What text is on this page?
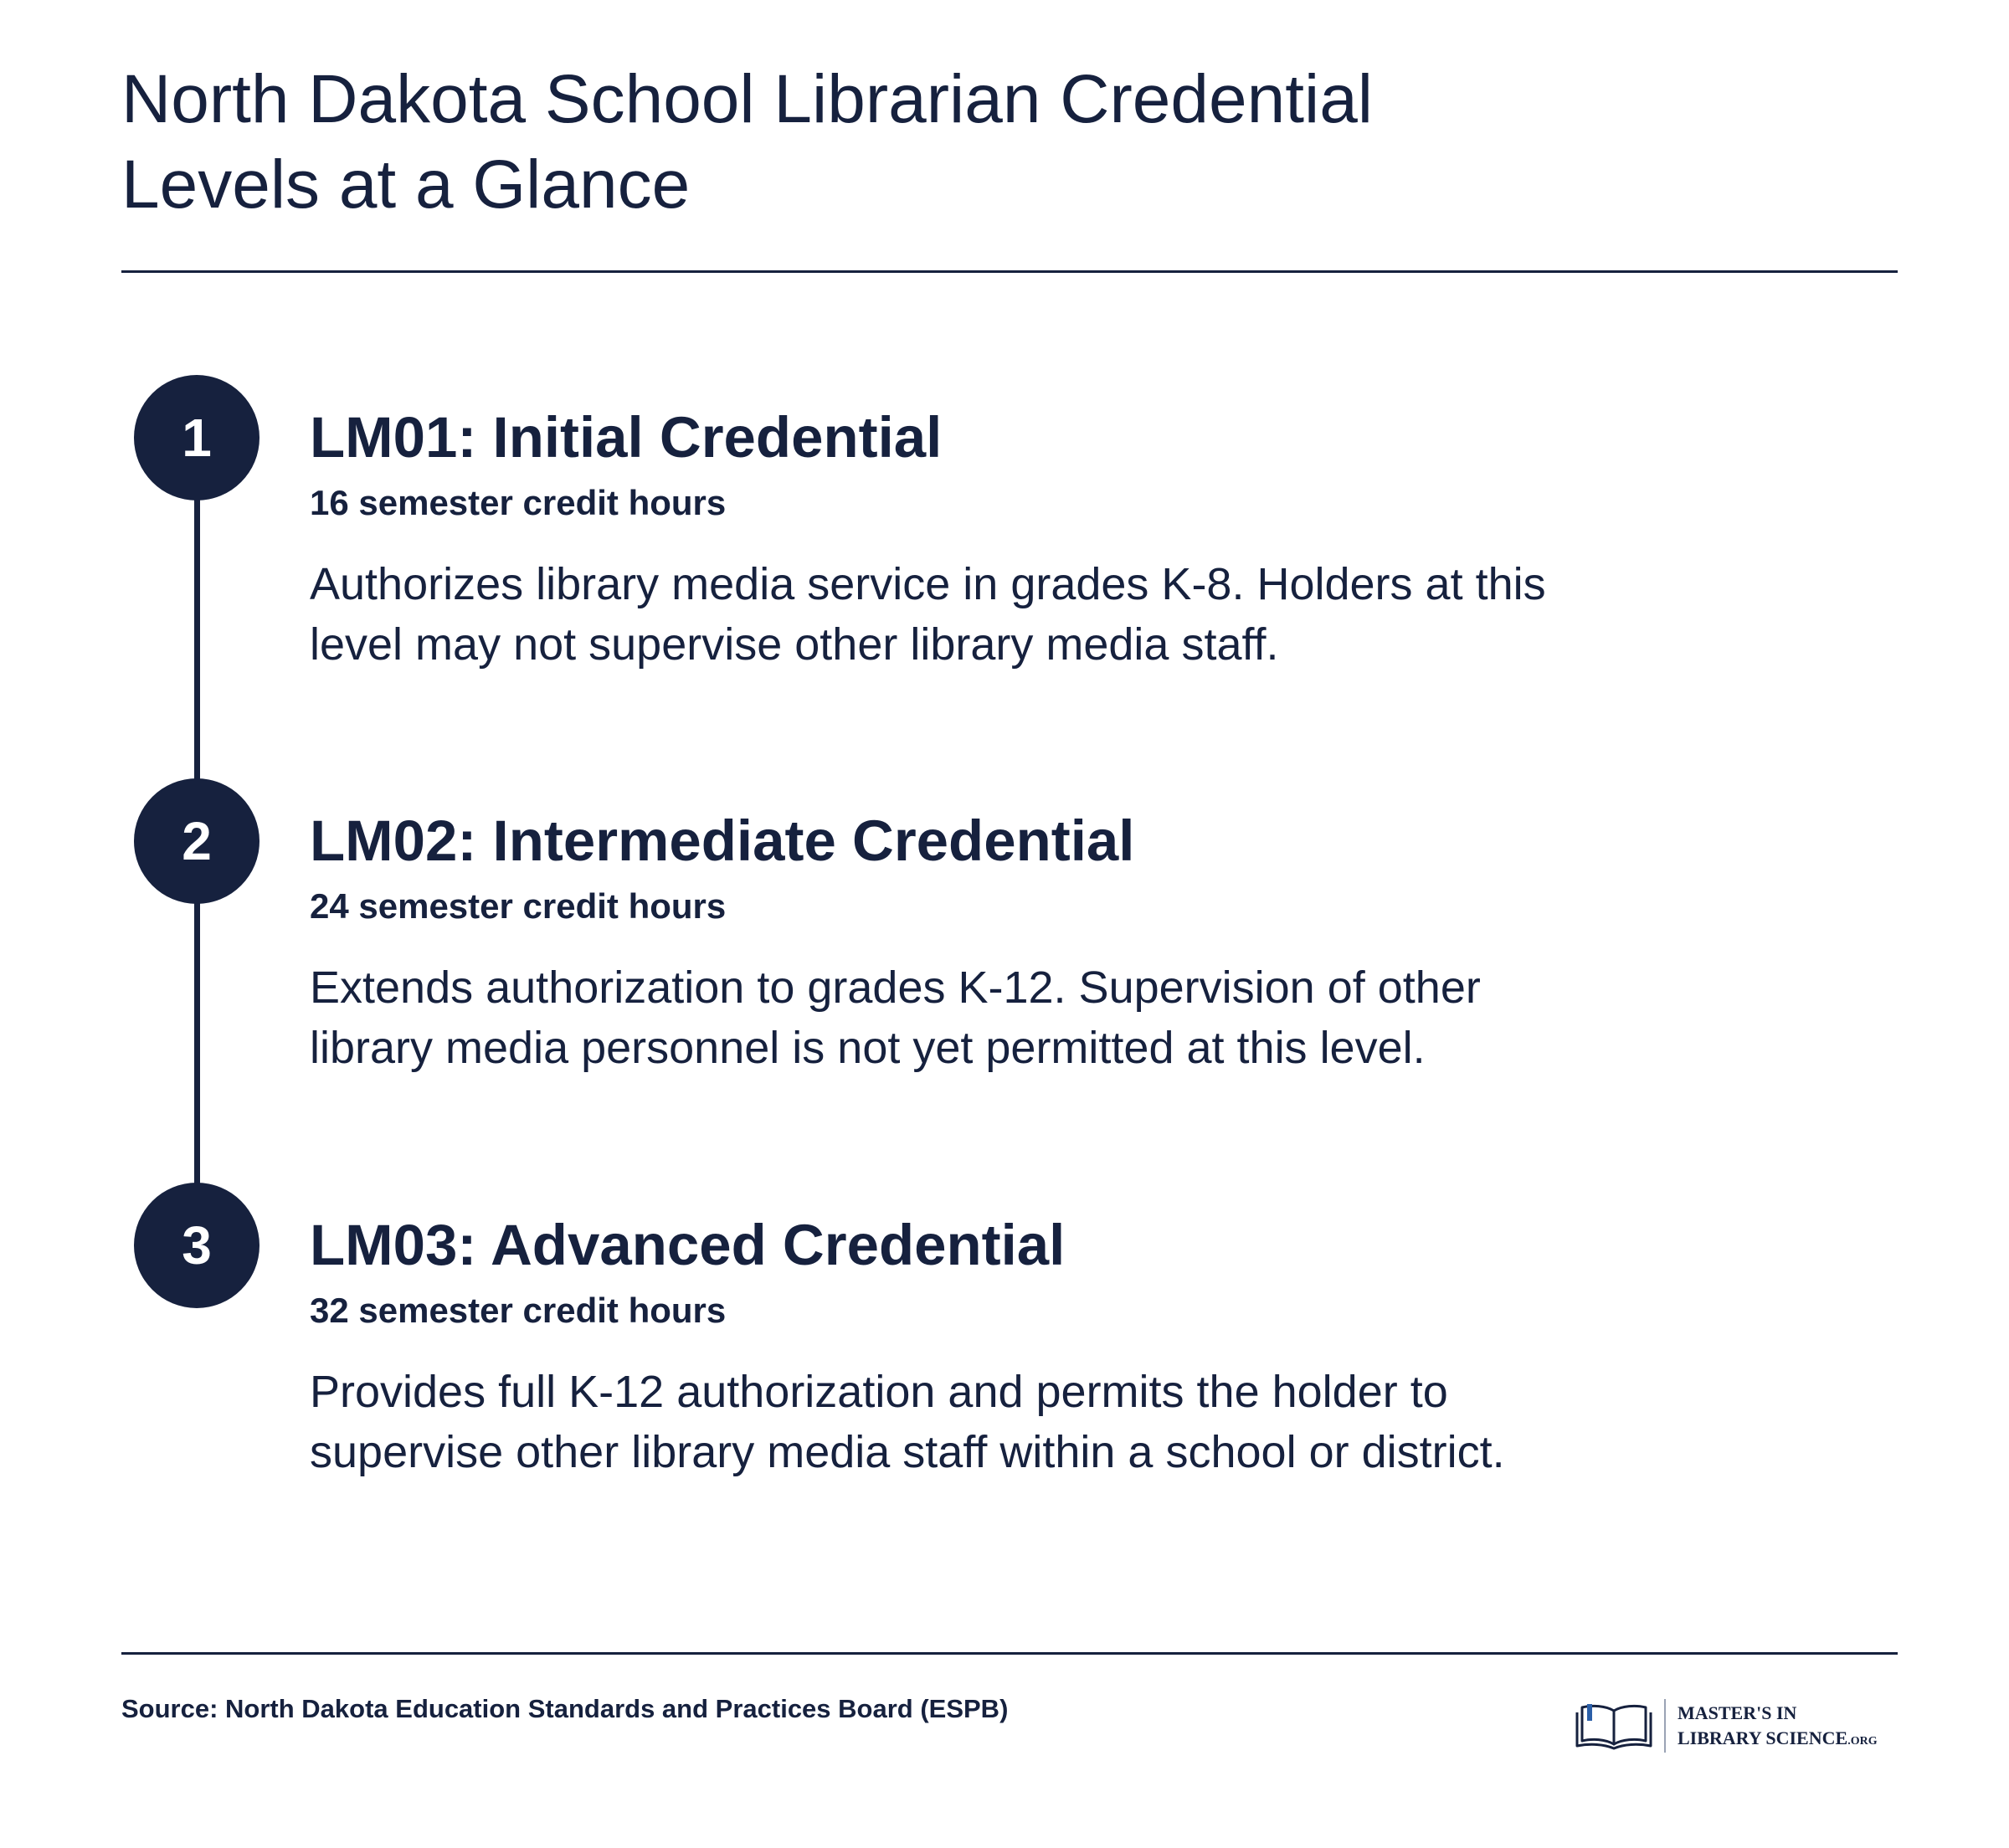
North Dakota School Librarian Credential Levels at a Glance
1	LM01: Initial Credential

16 semester credit hours

Authorizes library media service in grades K-8. Holders at this level may not supervise other library media staff.

2	LM02: Intermediate Credential

24 semester credit hours

Extends authorization to grades K-12. Supervision of other library media personnel is not yet permitted at this level.

3	LM03: Advanced Credential

32 semester credit hours

Provides full K-12 authorization and permits the holder to supervise other library media staff within a school or district.

Source: North Dakota Education Standards and Practices Board (ESPB)	MASTER'S IN
LIBRARY SCIENCE.ORG
